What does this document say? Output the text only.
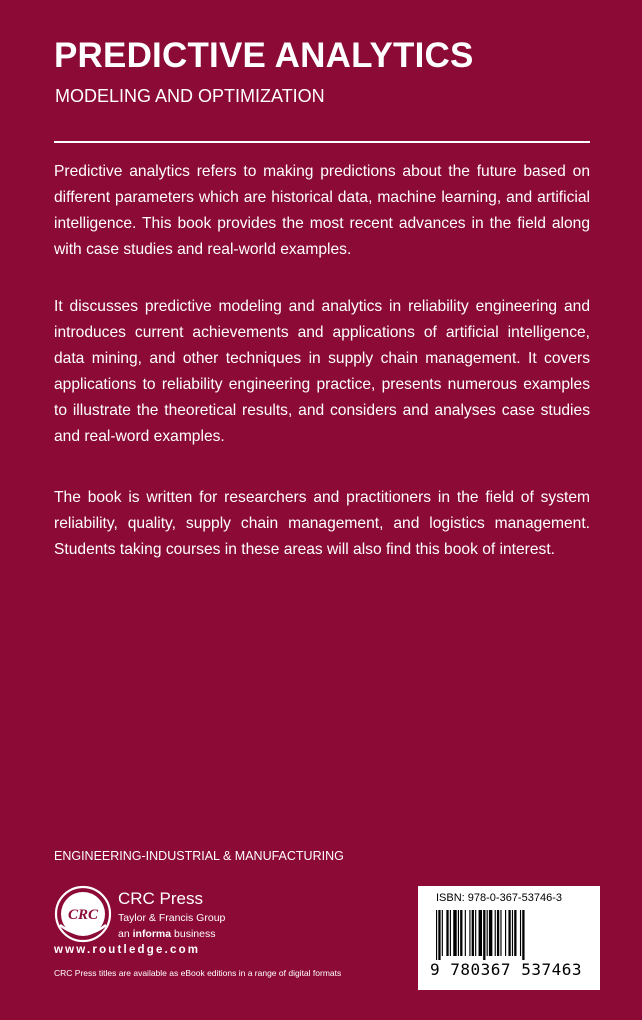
PREDICTIVE ANALYTICS

MODELING AND OPTIMIZATION

Predictive analytics refers to making predictions about the future based on different parameters which are historical data, machine learning, and artificial intelligence. This book provides the most recent advances in the field along with case studies and real-world examples.

It discusses predictive modeling and analytics in reliability engineering and introduces current achievements and applications of artificial intelligence, data mining, and other techniques in supply chain management. It covers applications to reliability engineering practice, presents numerous examples to illustrate the theoretical results, and considers and analyses case studies and real-word examples.

The book is written for researchers and practitioners in the field of system reliability, quality, supply chain management, and logistics management. Students taking courses in these areas will also find this book of interest.

ENGINEERING-INDUSTRIAL & MANUFACTURING

CRC

CRC Press

Taylor & Francis Group

an informa business

www.routledge.com

CRC Press titles are available as eBook editions in a range of digital formats

ISBN: 978-0-367-53746-3

9 780367 537463
